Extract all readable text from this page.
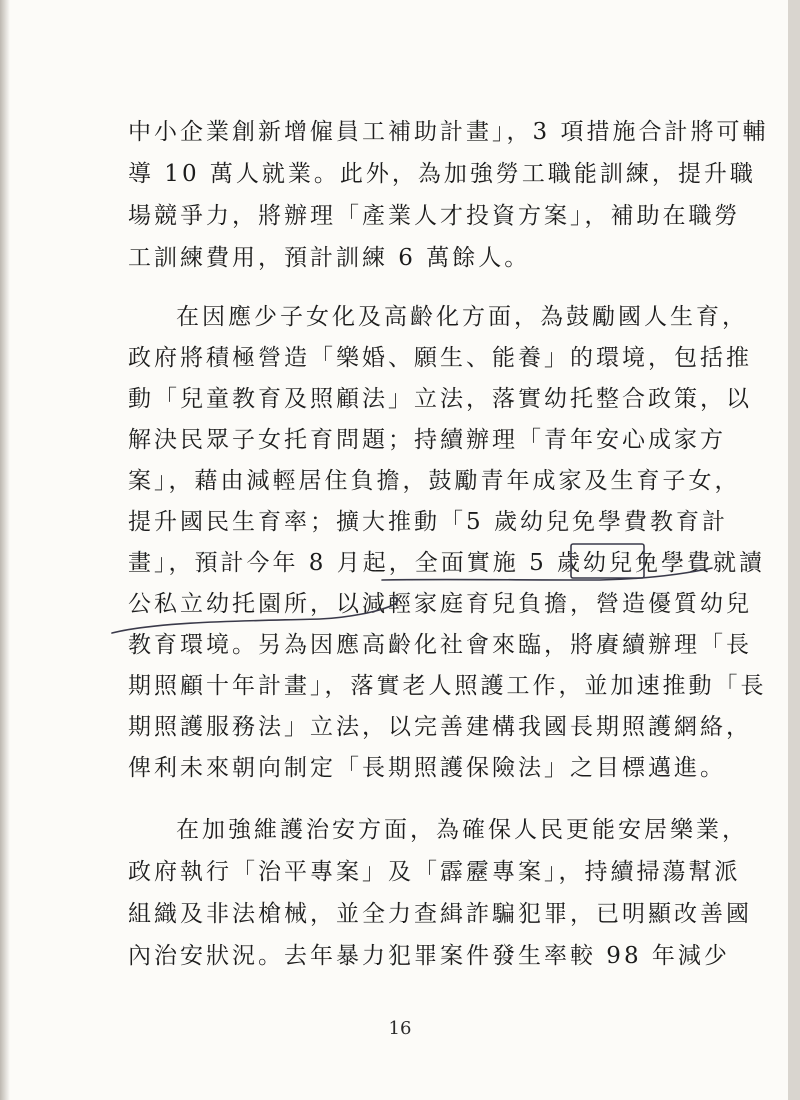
中小企業創新增僱員工補助計畫」，3 項措施合計將可輔
導 10 萬人就業。此外，為加強勞工職能訓練，提升職
場競爭力，將辦理「產業人才投資方案」，補助在職勞
工訓練費用，預計訓練 6 萬餘人。
在因應少子女化及高齡化方面，為鼓勵國人生育，
政府將積極營造「樂婚、願生、能養」的環境，包括推
動「兒童教育及照顧法」立法，落實幼托整合政策，以
解決民眾子女托育問題；持續辦理「青年安心成家方
案」，藉由減輕居住負擔，鼓勵青年成家及生育子女，
提升國民生育率；擴大推動「5 歲幼兒免學費教育計
畫」，預計今年 8 月起，全面實施 5 歲幼兒免學費就讀
公私立幼托園所，以減輕家庭育兒負擔，營造優質幼兒
教育環境。另為因應高齡化社會來臨，將賡續辦理「長
期照顧十年計畫」，落實老人照護工作，並加速推動「長
期照護服務法」立法，以完善建構我國長期照護網絡，
俾利未來朝向制定「長期照護保險法」之目標邁進。
在加強維護治安方面，為確保人民更能安居樂業，
政府執行「治平專案」及「霹靂專案」，持續掃蕩幫派
組織及非法槍械，並全力查緝詐騙犯罪，已明顯改善國
內治安狀況。去年暴力犯罪案件發生率較 98 年減少
16
